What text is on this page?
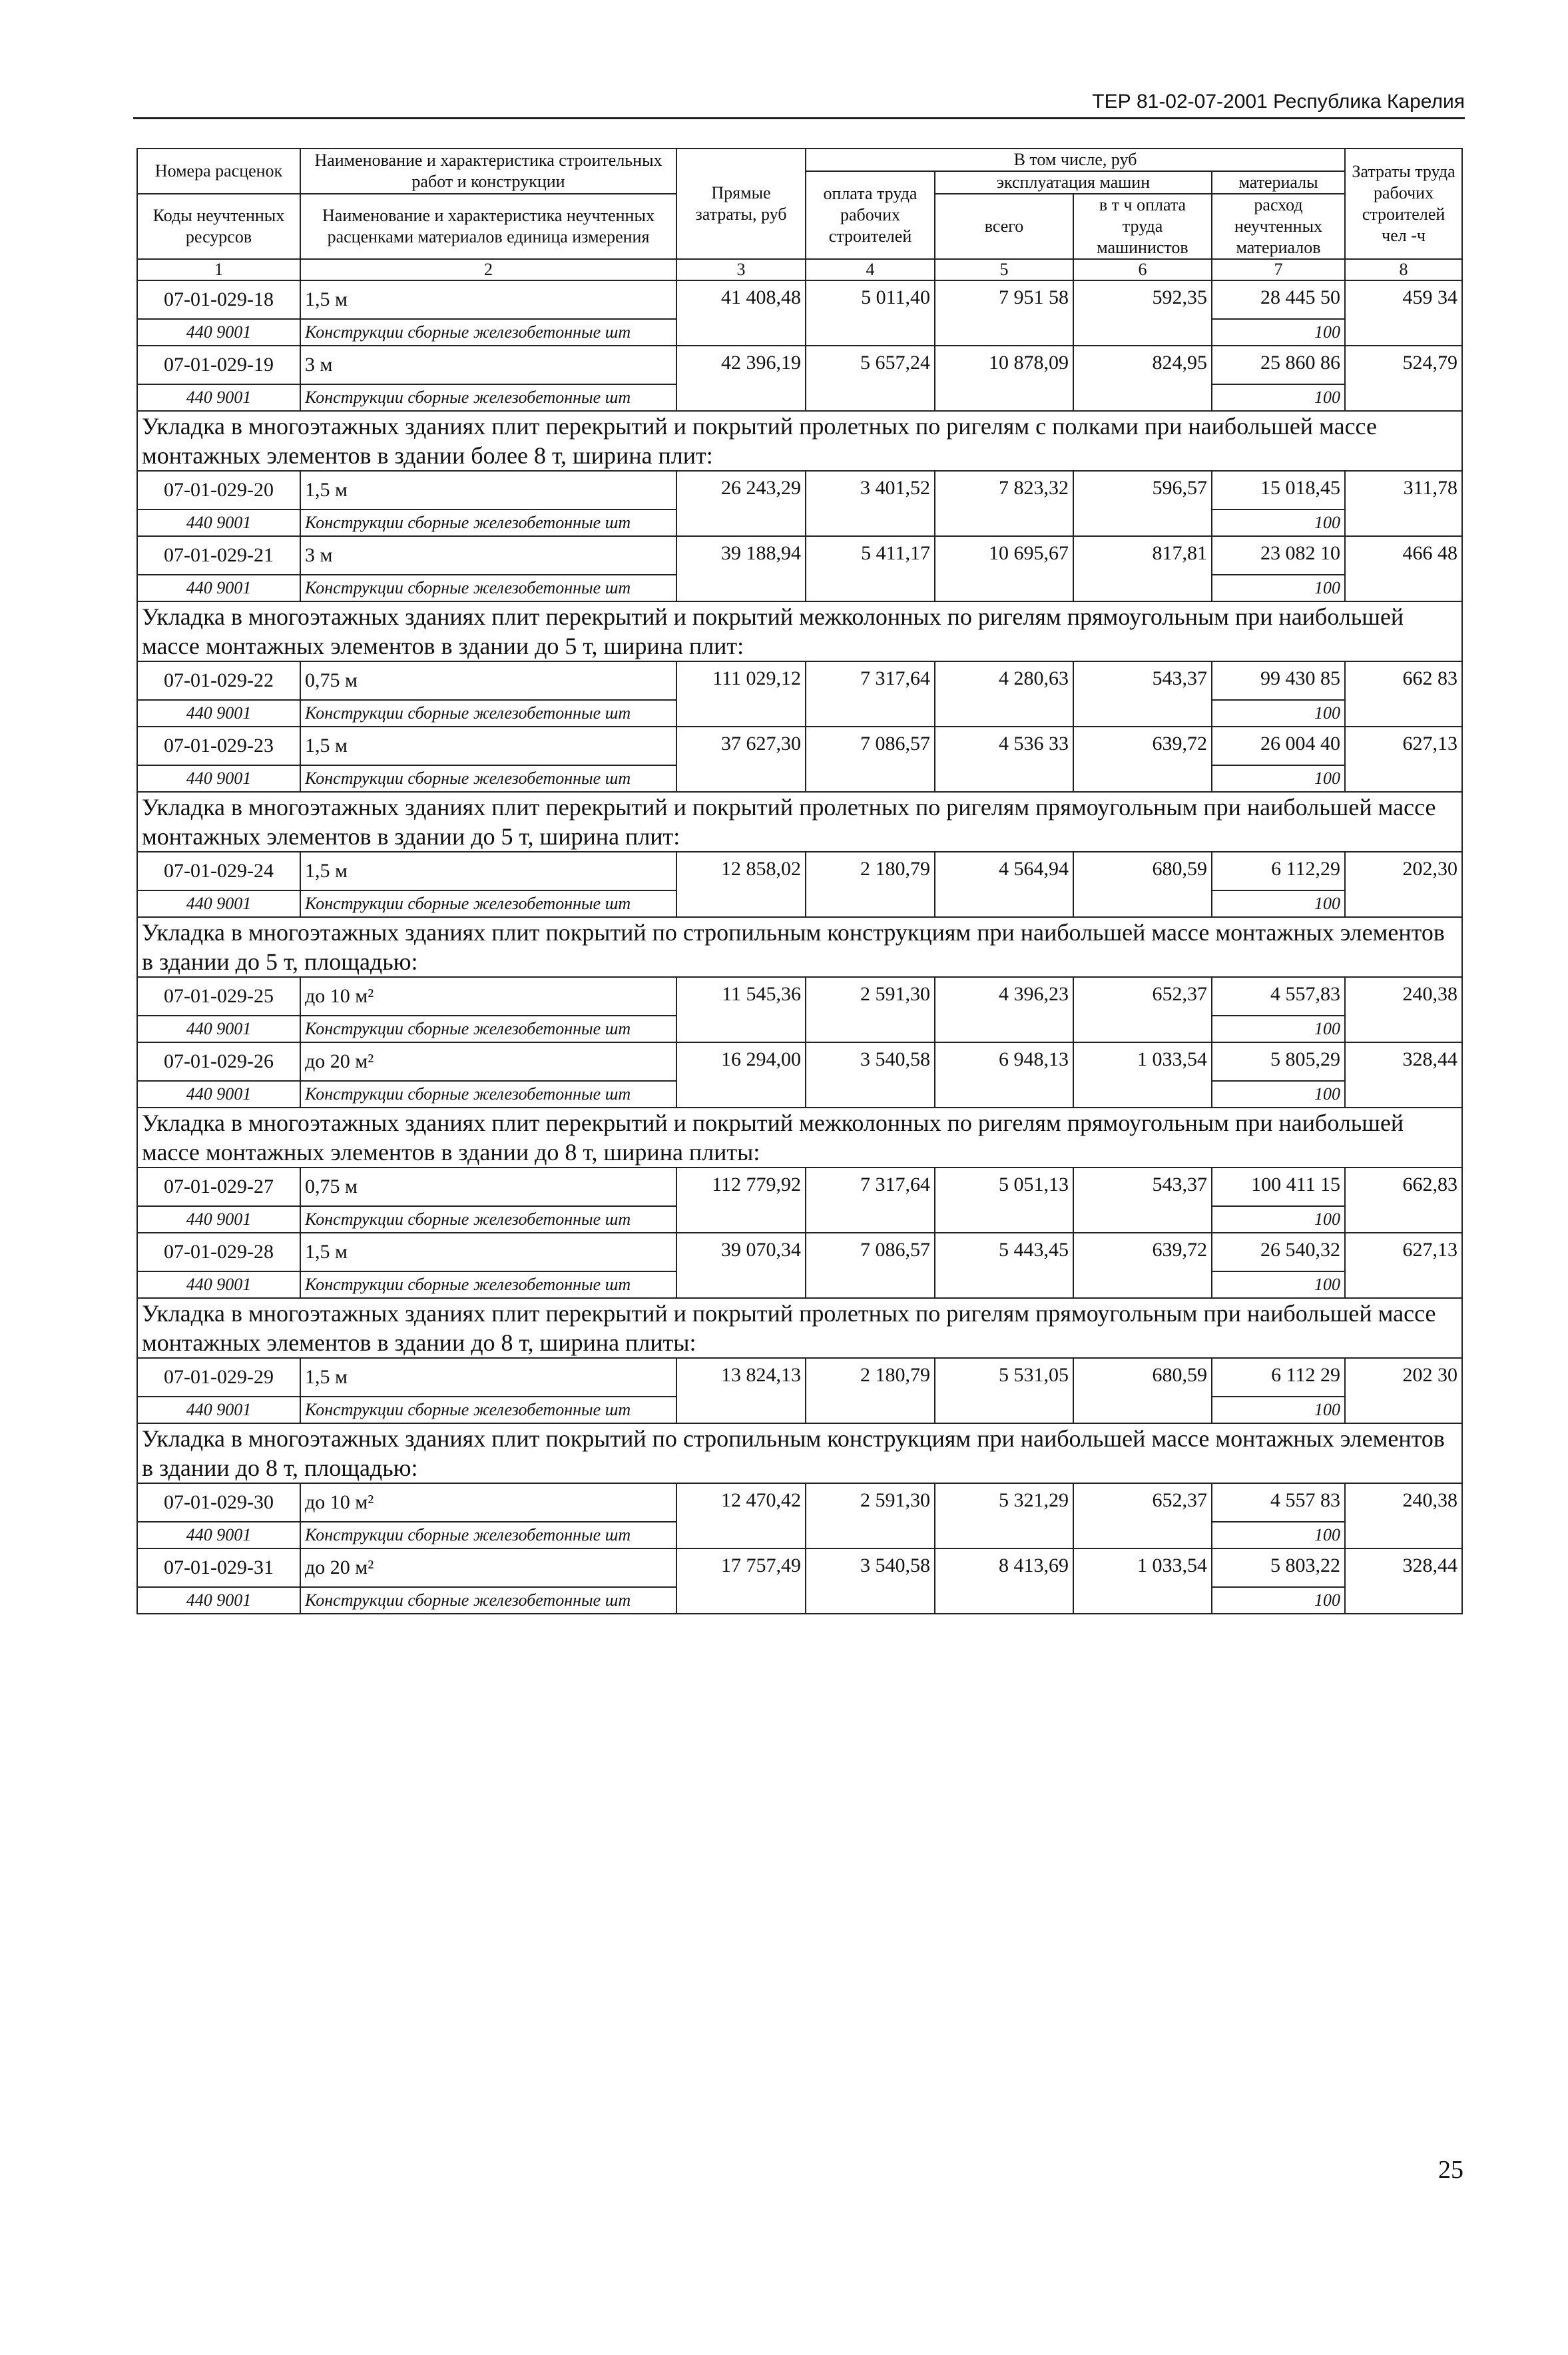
ТЕР 81-02-07-2001 Республика Карелия
Номера расценок	Наименование и характеристика строительных работ и конструкции	Прямые затраты, руб	В том числе, руб				Затраты труда рабочих строителей чел -ч
			оплата труда рабочих строителей	эксплуатация машин		материалы	
Коды неучтенных ресурсов	Наименование и характеристика неучтенных расценками материалов единица измерения			всего	в т ч оплата труда машинистов	расход неучтенных материалов	

1	2	3	4	5	6	7	8
07-01-029-18	1,5 м	41 408,48	5 011,40	7 951 58	592,35	28 445 50	459 34
440 9001	Конструкции сборные железобетонные шт					100	

07-01-029-19	3 м	42 396,19	5 657,24	10 878,09	824,95	25 860 86	524,79
440 9001	Конструкции сборные железобетонные шт					100	

Укладка в многоэтажных зданиях плит перекрытий и покрытий пролетных по ригелям с полками при наибольшей массе монтажных элементов в здании более 8 т, ширина плит:							
07-01-029-20	1,5 м	26 243,29	3 401,52	7 823,32	596,57	15 018,45	311,78
440 9001	Конструкции сборные железобетонные шт					100	

07-01-029-21	3 м	39 188,94	5 411,17	10 695,67	817,81	23 082 10	466 48
440 9001	Конструкции сборные железобетонные шт					100	

Укладка в многоэтажных зданиях плит перекрытий и покрытий межколонных по ригелям прямоугольным при наибольшей массе монтажных элементов в здании до 5 т, ширина плит:							
07-01-029-22	0,75 м	111 029,12	7 317,64	4 280,63	543,37	99 430 85	662 83
440 9001	Конструкции сборные железобетонные шт					100	

07-01-029-23	1,5 м	37 627,30	7 086,57	4 536 33	639,72	26 004 40	627,13
440 9001	Конструкции сборные железобетонные шт					100	

Укладка в многоэтажных зданиях плит перекрытий и покрытий пролетных по ригелям прямоугольным при наибольшей массе монтажных элементов в здании до 5 т, ширина плит:							
07-01-029-24	1,5 м	12 858,02	2 180,79	4 564,94	680,59	6 112,29	202,30
440 9001	Конструкции сборные железобетонные шт					100	

Укладка в многоэтажных зданиях плит покрытий по стропильным конструкциям при наибольшей массе монтажных элементов в здании до 5 т, площадью:							
07-01-029-25	до 10 м²	11 545,36	2 591,30	4 396,23	652,37	4 557,83	240,38
440 9001	Конструкции сборные железобетонные шт					100	

07-01-029-26	до 20 м²	16 294,00	3 540,58	6 948,13	1 033,54	5 805,29	328,44
440 9001	Конструкции сборные железобетонные шт					100	

Укладка в многоэтажных зданиях плит перекрытий и покрытий межколонных по ригелям прямоугольным при наибольшей массе монтажных элементов в здании до 8 т, ширина плиты:							
07-01-029-27	0,75 м	112 779,92	7 317,64	5 051,13	543,37	100 411 15	662,83
440 9001	Конструкции сборные железобетонные шт					100	

07-01-029-28	1,5 м	39 070,34	7 086,57	5 443,45	639,72	26 540,32	627,13
440 9001	Конструкции сборные железобетонные шт					100	

Укладка в многоэтажных зданиях плит перекрытий и покрытий пролетных по ригелям прямоугольным при наибольшей массе монтажных элементов в здании до 8 т, ширина плиты:							
07-01-029-29	1,5 м	13 824,13	2 180,79	5 531,05	680,59	6 112 29	202 30
440 9001	Конструкции сборные железобетонные шт					100	

Укладка в многоэтажных зданиях плит покрытий по стропильным конструкциям при наибольшей массе монтажных элементов в здании до 8 т, площадью:							
07-01-029-30	до 10 м²	12 470,42	2 591,30	5 321,29	652,37	4 557 83	240,38
440 9001	Конструкции сборные железобетонные шт					100	

07-01-029-31	до 20 м²	17 757,49	3 540,58	8 413,69	1 033,54	5 803,22	328,44
440 9001	Конструкции сборные железобетонные шт					100	

25
